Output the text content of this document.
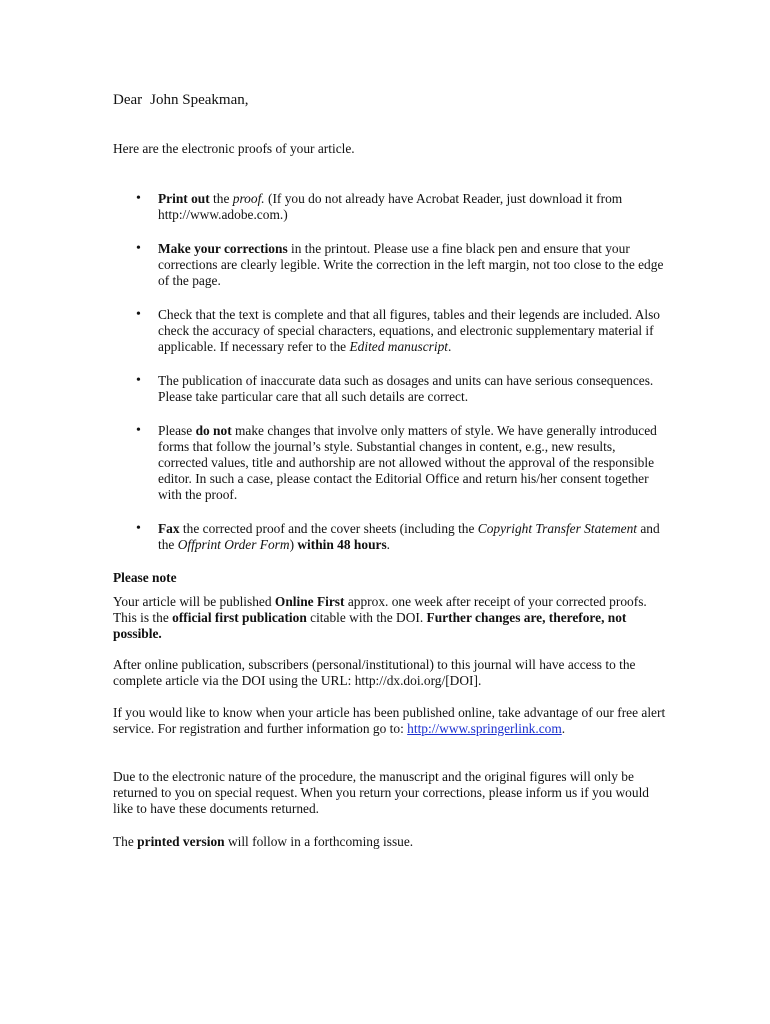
Dear John Speakman,

Here are the electronic proofs of your article.

• Print out the proof. (If you do not already have Acrobat Reader, just download it from http://www.adobe.com.)
• Make your corrections in the printout. Please use a fine black pen and ensure that your corrections are clearly legible. Write the correction in the left margin, not too close to the edge of the page.
• Check that the text is complete and that all figures, tables and their legends are included. Also check the accuracy of special characters, equations, and electronic supplementary material if applicable. If necessary refer to the Edited manuscript.
• The publication of inaccurate data such as dosages and units can have serious consequences. Please take particular care that all such details are correct.
• Please do not make changes that involve only matters of style. We have generally introduced forms that follow the journal’s style. Substantial changes in content, e.g., new results, corrected values, title and authorship are not allowed without the approval of the responsible editor. In such a case, please contact the Editorial Office and return his/her consent together with the proof.
• Fax the corrected proof and the cover sheets (including the Copyright Transfer Statement and the Offprint Order Form) within 48 hours.

Please note

Your article will be published Online First approx. one week after receipt of your corrected proofs. This is the official first publication citable with the DOI. Further changes are, therefore, not possible.

After online publication, subscribers (personal/institutional) to this journal will have access to the complete article via the DOI using the URL: http://dx.doi.org/[DOI].

If you would like to know when your article has been published online, take advantage of our free alert service. For registration and further information go to: http://www.springerlink.com.

Due to the electronic nature of the procedure, the manuscript and the original figures will only be returned to you on special request. When you return your corrections, please inform us if you would like to have these documents returned.

The printed version will follow in a forthcoming issue.
